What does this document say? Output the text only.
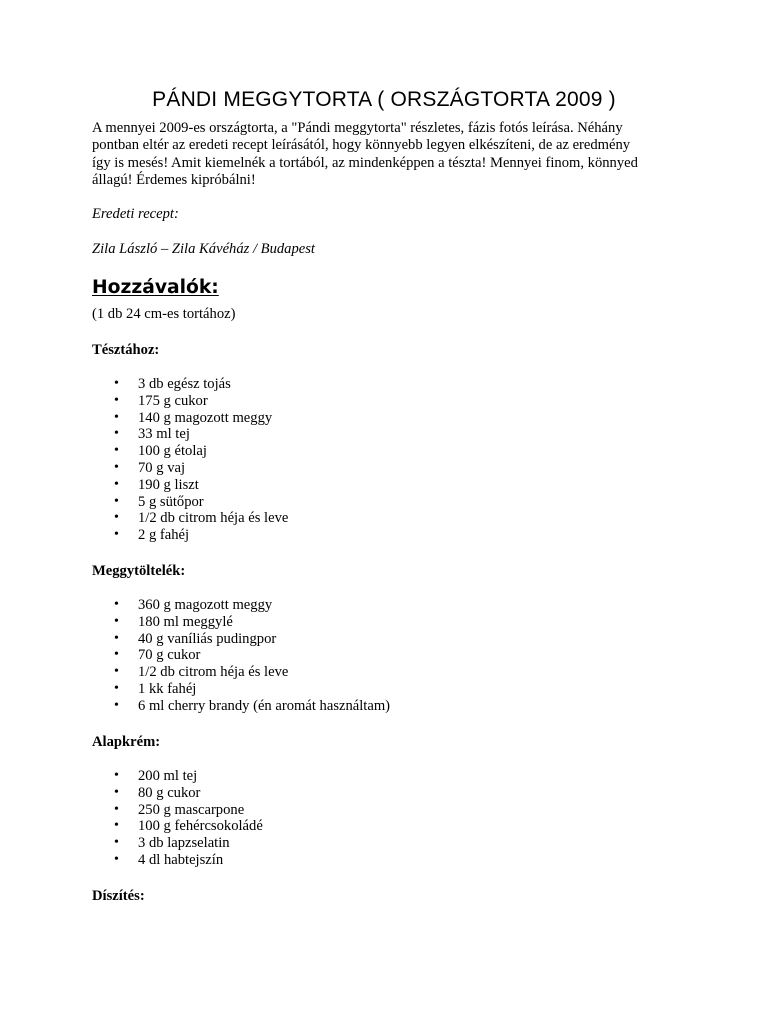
PÁNDI MEGGYTORTA ( ORSZÁGTORTA 2009 )
A mennyei 2009-es országtorta, a "Pándi meggytorta" részletes, fázis fotós leírása. Néhány
pontban eltér az eredeti recept leírásától, hogy könnyebb legyen elkészíteni, de az eredmény
így is mesés! Amit kiemelnék a tortából, az mindenképpen a tészta! Mennyei finom, könnyed
állagú! Érdemes kipróbálni!
Eredeti recept:
Zila László – Zila Kávéház / Budapest
Hozzávalók:
(1 db 24 cm-es tortához)
Tésztához:
• 3 db egész tojás
• 175 g cukor
• 140 g magozott meggy
• 33 ml tej
• 100 g étolaj
• 70 g vaj
• 190 g liszt
• 5 g sütőpor
• 1/2 db citrom héja és leve
• 2 g fahéj
Meggytöltelék:
• 360 g magozott meggy
• 180 ml meggylé
• 40 g vaníliás pudingpor
• 70 g cukor
• 1/2 db citrom héja és leve
• 1 kk fahéj
• 6 ml cherry brandy (én aromát használtam)
Alapkrém:
• 200 ml tej
• 80 g cukor
• 250 g mascarpone
• 100 g fehércsokoládé
• 3 db lapzselatin
• 4 dl habtejszín
Díszítés:
